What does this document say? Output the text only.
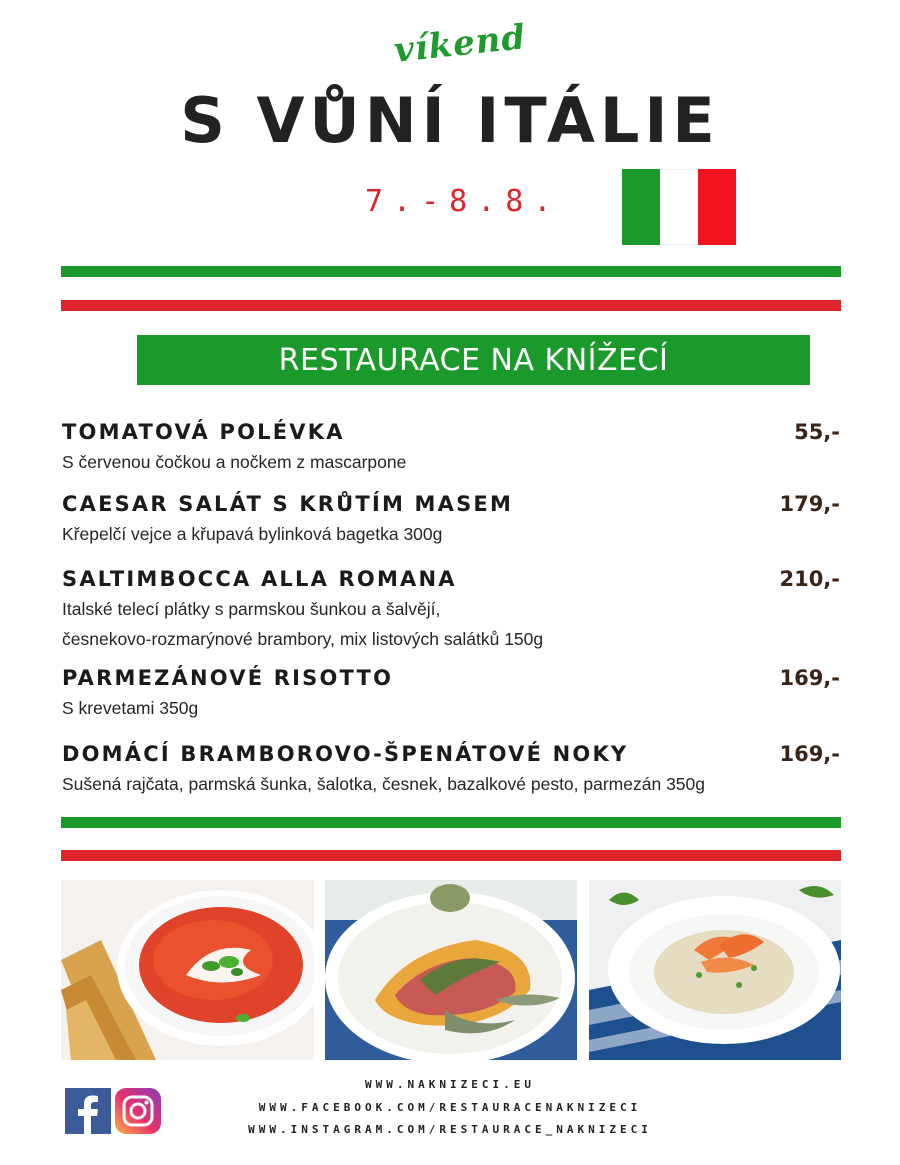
víkend
S VŮNÍ ITÁLIE
7.-8.8.
RESTAURACE NA KNÍŽECÍ
TOMATOVÁ POLÉVKA	55,-
S červenou čočkou a nočkem z mascarpone
CAESAR SALÁT S KRŮTÍM MASEM	179,-
Křepelčí vejce a křupavá bylinková bagetka 300g
SALTIMBOCCA ALLA ROMANA	210,-
Italské telecí plátky s parmskou šunkou a šalvějí,
česnekovo-rozmarýnové brambory, mix listových salátků 150g
PARMEZÁNOVÉ RISOTTO	169,-
S krevetami 350g
DOMÁCÍ BRAMBOROVO-ŠPENÁTOVÉ NOKY	169,-
Sušená rajčata, parmská šunka, šalotka, česnek, bazalkové pesto, parmezán 350g
WWW.NAKNIZECI.EU
WWW.FACEBOOK.COM/RESTAURACENAKNIZECI
WWW.INSTAGRAM.COM/RESTAURACE_NAKNIZECI
